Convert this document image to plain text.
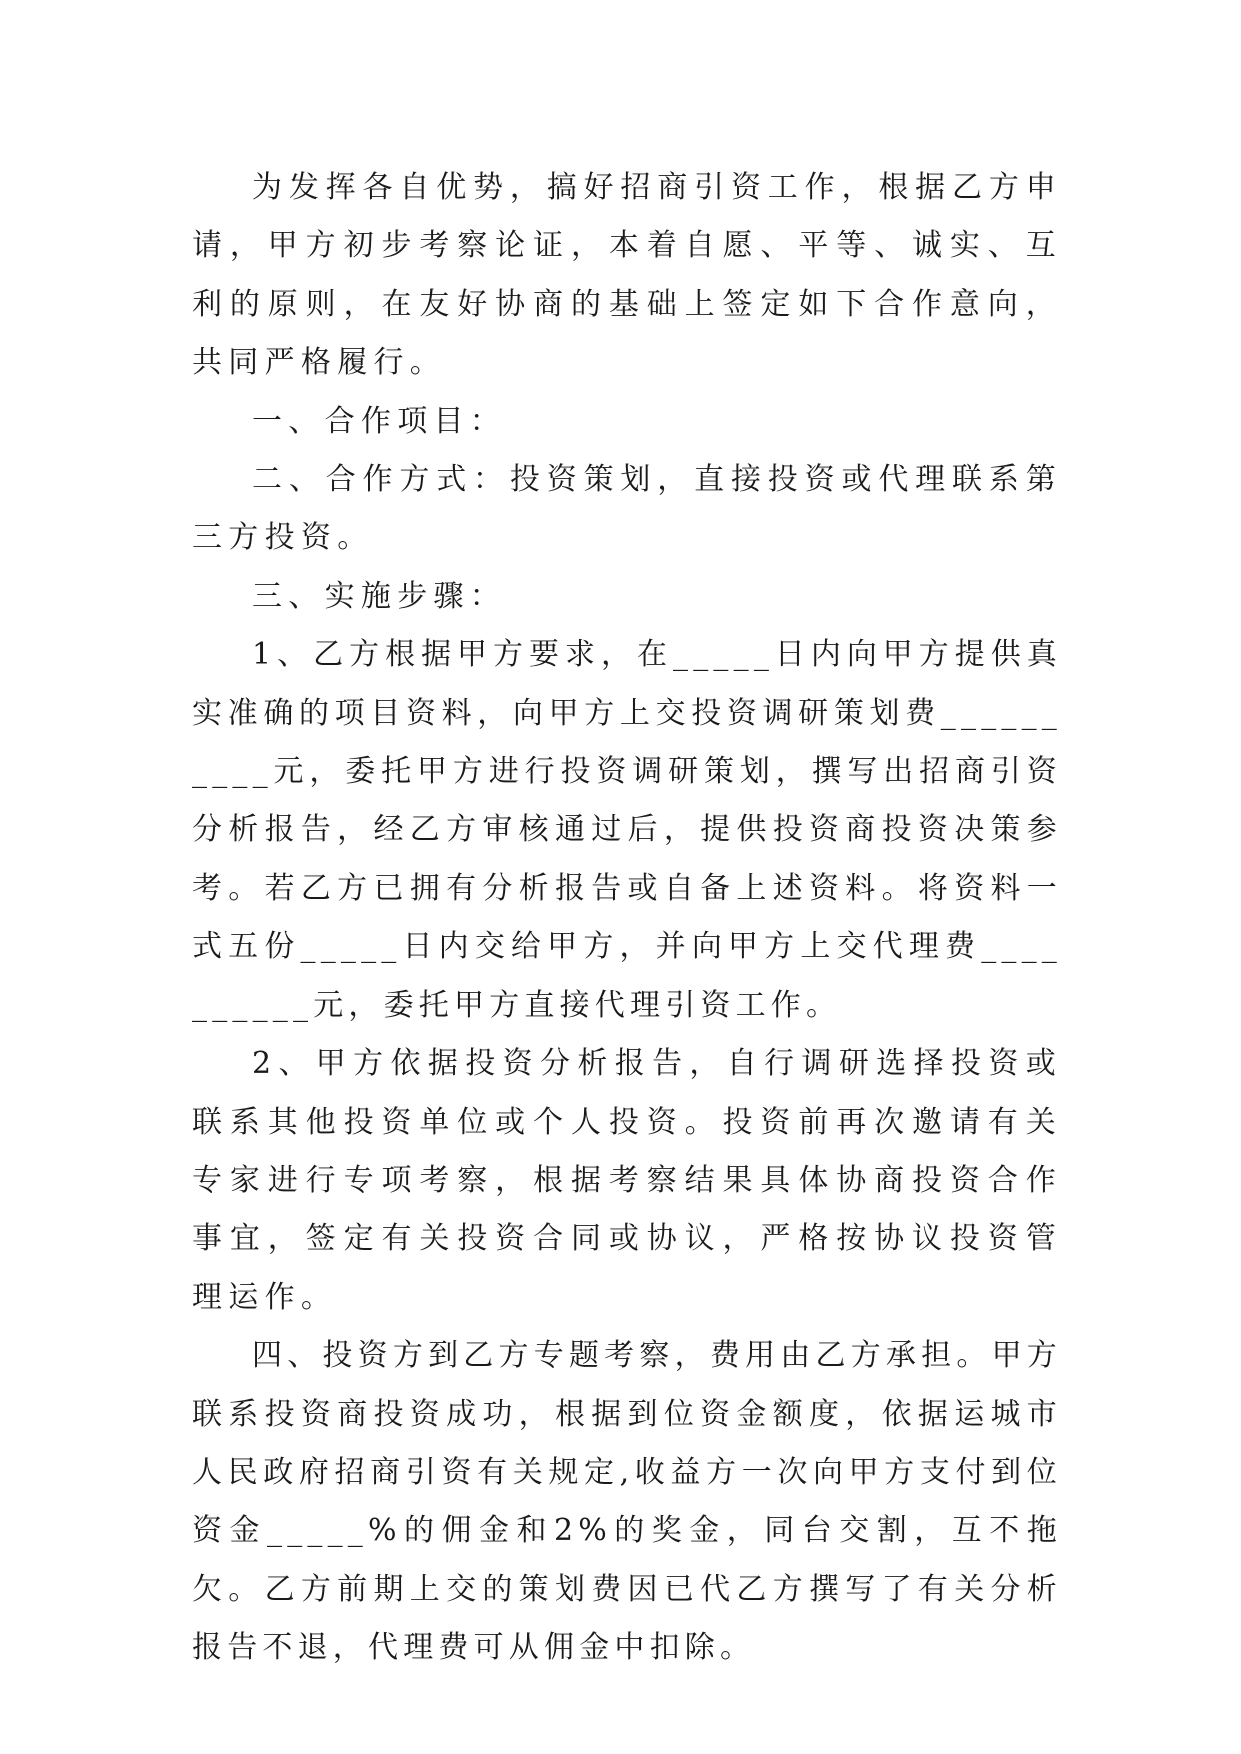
为发挥各自优势，搞好招商引资工作，根据乙方申请，甲方初步考察论证，本着自愿、平等、诚实、互利的原则，在友好协商的基础上签定如下合作意向，共同严格履行。

一、合作项目：

二、合作方式：投资策划，直接投资或代理联系第三方投资。

三、实施步骤：

1、乙方根据甲方要求，在_____日内向甲方提供真实准确的项目资料，向甲方上交投资调研策划费__________元，委托甲方进行投资调研策划，撰写出招商引资分析报告，经乙方审核通过后，提供投资商投资决策参考。若乙方已拥有分析报告或自备上述资料。将资料一式五份_____日内交给甲方，并向甲方上交代理费__________元，委托甲方直接代理引资工作。

2、甲方依据投资分析报告，自行调研选择投资或联系其他投资单位或个人投资。投资前再次邀请有关专家进行专项考察，根据考察结果具体协商投资合作事宜，签定有关投资合同或协议，严格按协议投资管理运作。

四、投资方到乙方专题考察，费用由乙方承担。甲方联系投资商投资成功，根据到位资金额度，依据运城市人民政府招商引资有关规定,收益方一次向甲方支付到位资金_____%的佣金和2%的奖金，同台交割，互不拖欠。乙方前期上交的策划费因已代乙方撰写了有关分析报告不退，代理费可从佣金中扣除。
